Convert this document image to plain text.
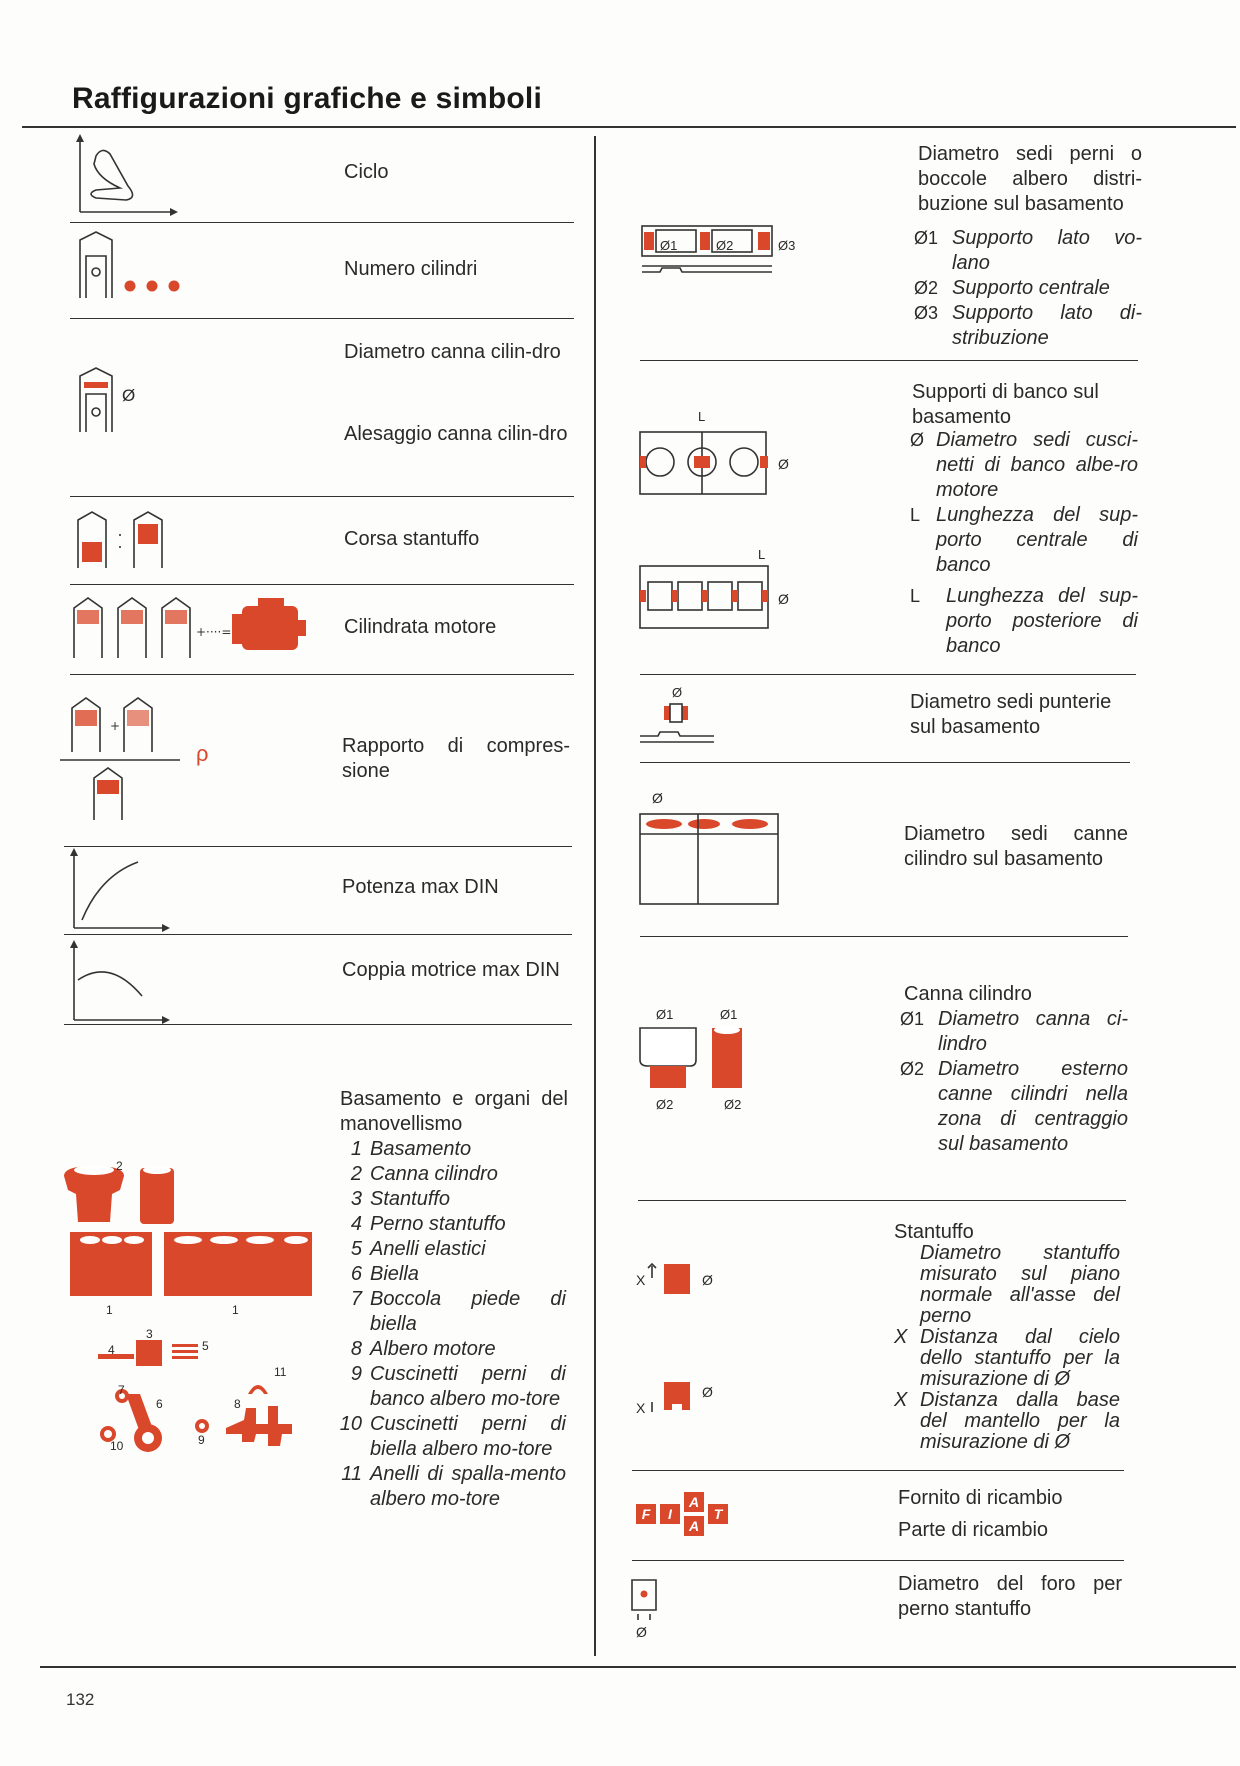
Raffigurazioni grafiche e simboli
Ciclo
Numero cilindri
Ø
Diametro canna cilin-dro
Alesaggio canna cilin-dro
Corsa stantuffo
+····=	Cilindrata motore
+
ρ	Rapporto di compres-sione
Potenza max DIN
Coppia motrice max DIN
2
1	1
3
4	5
11
7
6	8
10	9
Basamento e organi del manovellismo
1 Basamento
2 Canna cilindro
3 Stantuffo
4 Perno stantuffo
5 Anelli elastici
6 Biella
7 Boccola piede di biella
8 Albero motore
9 Cuscinetti perni di banco albero mo-tore
10 Cuscinetti perni di biella albero mo-tore
11 Anelli di spalla-mento albero mo-tore
Ø1	Ø2	Ø3
Diametro sedi perni o boccole albero distri-buzione sul basamento
Ø1 Supporto lato vo-lano
Ø2 Supporto centrale
Ø3 Supporto lato di-stribuzione
L
Ø
L
Ø
Supporti di banco sul basamento
Ø Diametro sedi cusci-netti di banco albe-ro motore
L Lunghezza del sup-porto centrale di banco
L	Lunghezza del sup-porto posteriore di banco
Ø	Diametro sedi punterie sul basamento
Ø
Diametro sedi canne cilindro sul basamento
Ø1
Ø2
Ø1
Ø2
Canna cilindro
Ø1 Diametro canna ci-lindro
Ø2 Diametro esterno canne cilindri nella zona di centraggio sul basamento
X	Ø
X
Ø
Stantuffo
Diametro stantuffo misurato sul piano normale all'asse del perno
X Distanza dal cielo dello stantuffo per la misurazione di Ø
X Distanza dalla base del mantello per la misurazione di Ø
F	I
A
A
T
Fornito di ricambio
Parte di ricambio
Ø
Diametro del foro per perno stantuffo
132
